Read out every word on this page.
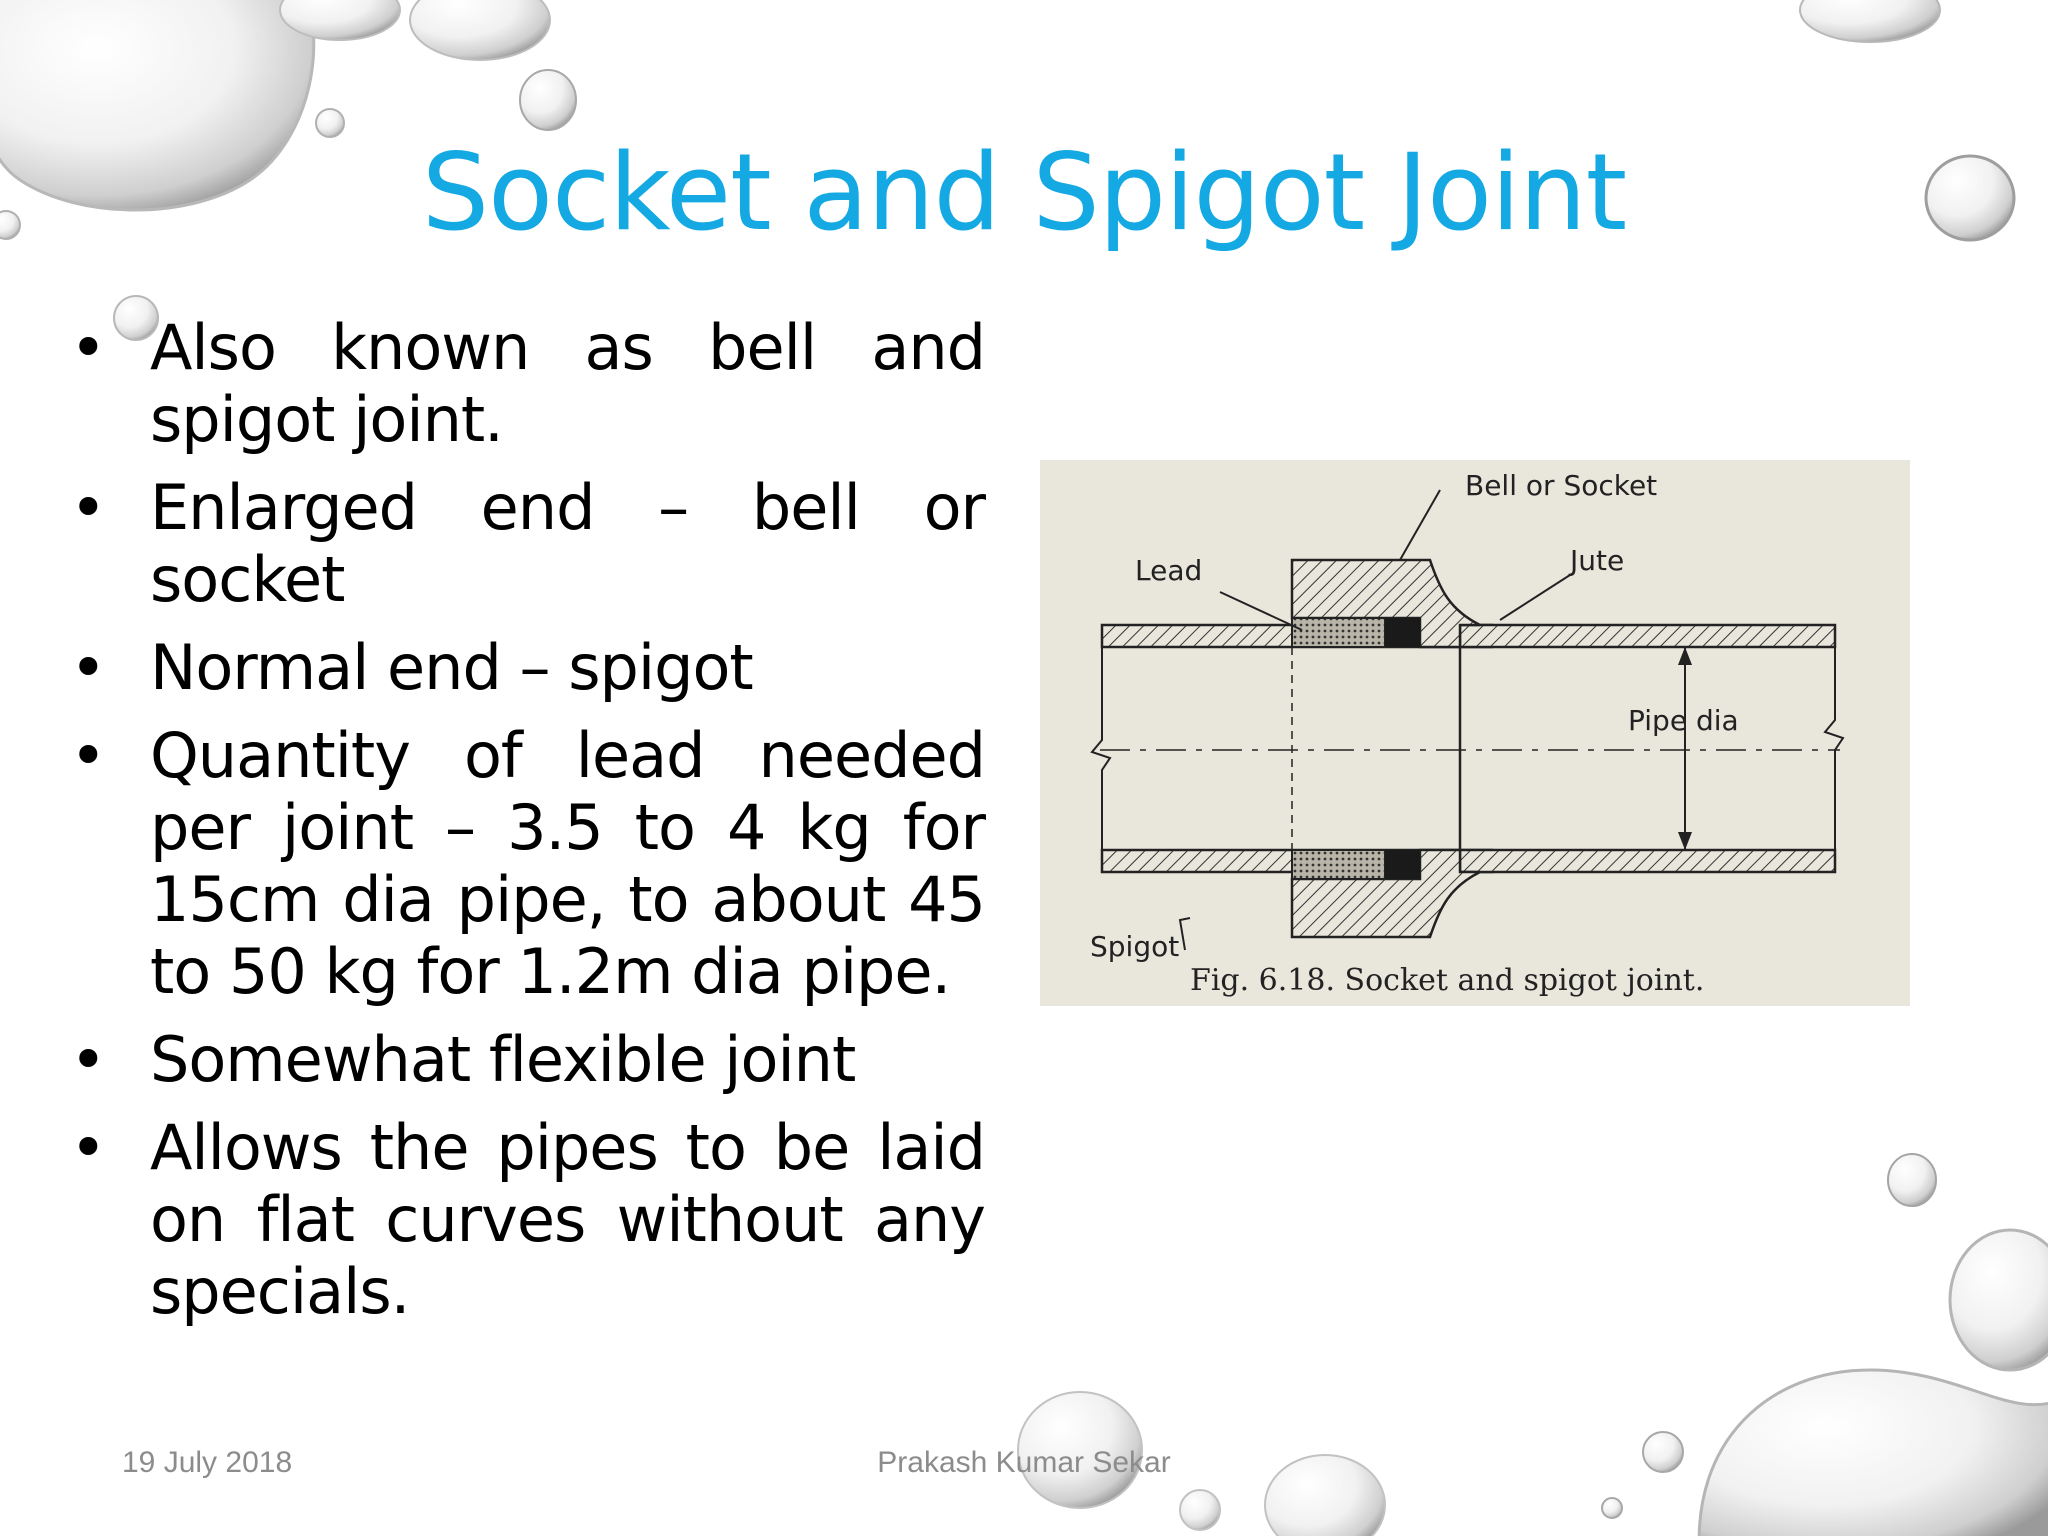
Socket and Spigot Joint
• Also known as bell and spigot joint.
• Enlarged end – bell or socket
• Normal end – spigot
• Quantity of lead needed per joint – 3.5 to 4 kg for 15cm dia pipe, to about 45 to 50 kg for 1.2m dia pipe.
• Somewhat flexible joint
• Allows the pipes to be laid on flat curves without any specials.
Bell or Socket
Lead	Jute
Pipe dia
Spigot
Fig. 6.18. Socket and spigot joint.
19 July 2018	Prakash Kumar Sekar
